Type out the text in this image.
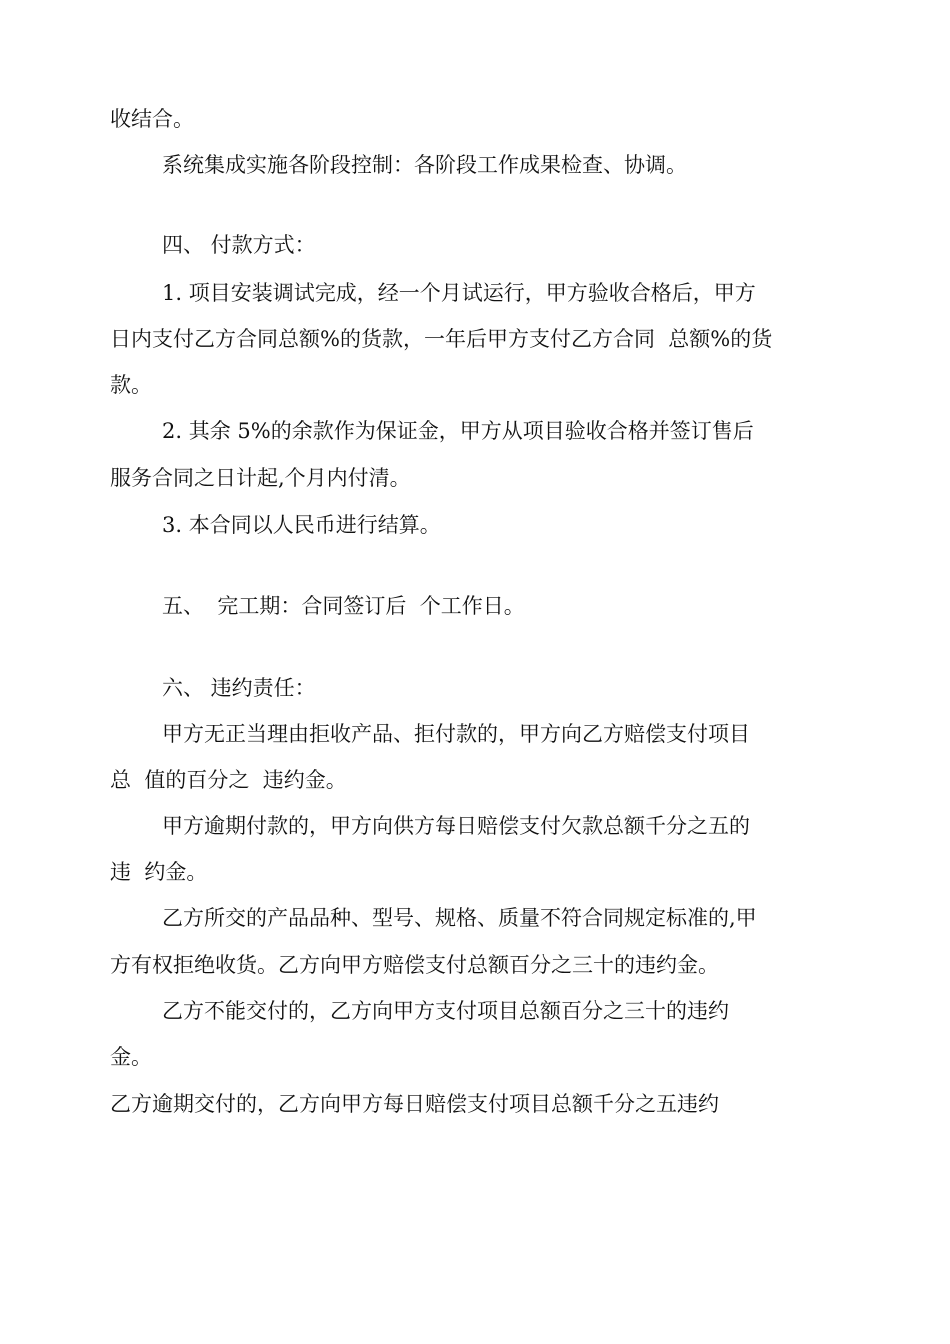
收结合。

系统集成实施各阶段控制：各阶段工作成果检查、协调。

四、 付款方式：

1. 项目安装调试完成，经一个月试运行，甲方验收合格后，甲方

日内支付乙方合同总额%的货款，一年后甲方支付乙方合同  总额%的货

款。

2. 其余 5%的余款作为保证金，甲方从项目验收合格并签订售后

服务合同之日计起,个月内付清。

3. 本合同以人民币进行结算。

五、  完工期：合同签订后  个工作日。

六、 违约责任：

甲方无正当理由拒收产品、拒付款的，甲方向乙方赔偿支付项目

总  值的百分之  违约金。

甲方逾期付款的，甲方向供方每日赔偿支付欠款总额千分之五的

违  约金。

乙方所交的产品品种、型号、规格、质量不符合同规定标准的,甲

方有权拒绝收货。乙方向甲方赔偿支付总额百分之三十的违约金。

乙方不能交付的，乙方向甲方支付项目总额百分之三十的违约

金。

乙方逾期交付的，乙方向甲方每日赔偿支付项目总额千分之五违约
